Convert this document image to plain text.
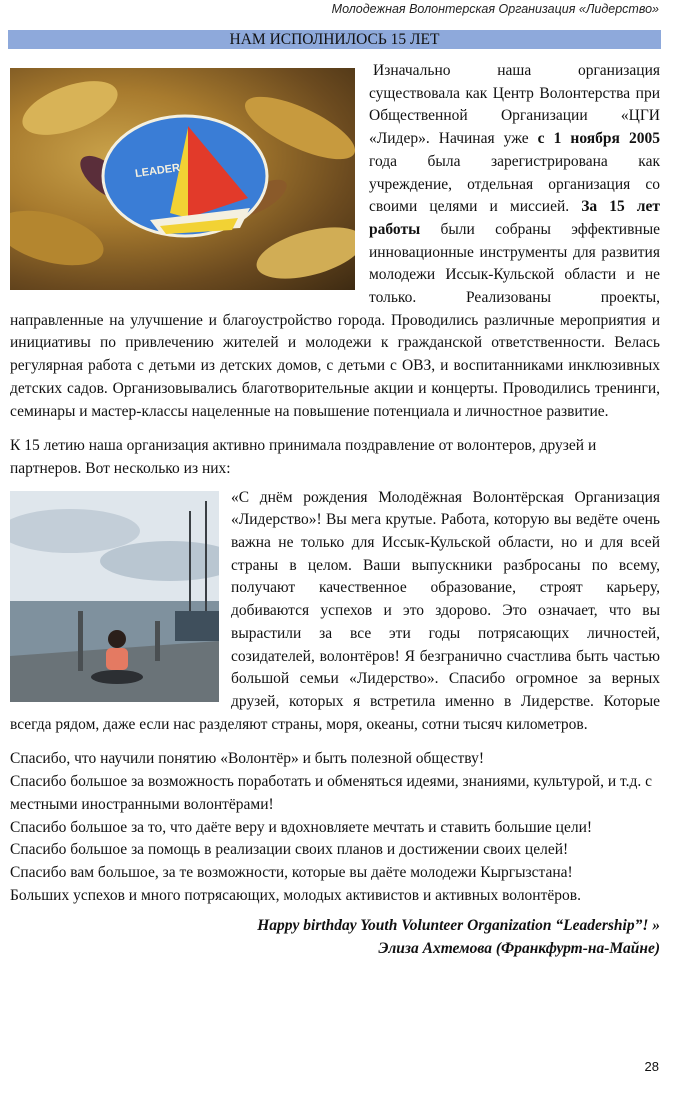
Молодежная Волонтерская Организация «Лидерство»
НАМ ИСПОЛНИЛОСЬ 15 ЛЕТ
LEADER

Изначально наша организация существовала как Центр Волонтерства при Общественной Организации «ЦГИ «Лидер». Начиная уже с 1 ноября 2005 года была зарегистрирована как учреждение, отдельная организация со своими целями и миссией. За 15 лет работы были собраны эффективные инновационные инструменты для развития молодежи Иссык-Кульской области и не только. Реализованы проекты, направленные на улучшение и благоустройство города. Проводились различные мероприятия и инициативы по привлечению жителей и молодежи к гражданской ответственности. Велась регулярная работа с детьми из детских домов, с детьми с ОВЗ, и воспитанниками инклюзивных детских садов. Организовывались благотворительные акции и концерты. Проводились тренинги, семинары и мастер-классы нацеленные на повышение потенциала и личностное развитие.

К 15 летию наша организация активно принимала поздравление от волонтеров, друзей и партнеров. Вот несколько из них:

«С днём рождения Молодёжная Волонтёрская Организация «Лидерство»! Вы мега крутые. Работа, которую вы ведёте очень важна не только для Иссык-Кульской области, но и для всей страны в целом. Ваши выпускники разбросаны по всему, получают качественное образование, строят карьеру, добиваются успехов и это здорово. Это означает, что вы вырастили за все эти годы потрясающих личностей, созидателей, волонтёров! Я безгранично счастлива быть частью большой семьи «Лидерство». Спасибо огромное за верных друзей, которых я встретила именно в Лидерстве. Которые всегда рядом, даже если нас разделяют страны, моря, океаны, сотни тысяч километров.

Спасибо, что научили понятию «Волонтёр» и быть полезной обществу!

Спасибо большое за возможность поработать и обменяться идеями, знаниями, культурой, и т.д. с местными иностранными волонтёрами!

Спасибо большое за то, что даёте веру и вдохновляете мечтать и ставить большие цели!

Спасибо большое за помощь в реализации своих планов и достижении своих целей!

Спасибо вам большое, за те возможности, которые вы даёте молодежи Кыргызстана!

Больших успехов и много потрясающих, молодых активистов и активных волонтёров.

Happy birthday Youth Volunteer Organization “Leadership”! »

Элиза Ахтемова (Франкфурт-на-Майне)

28
